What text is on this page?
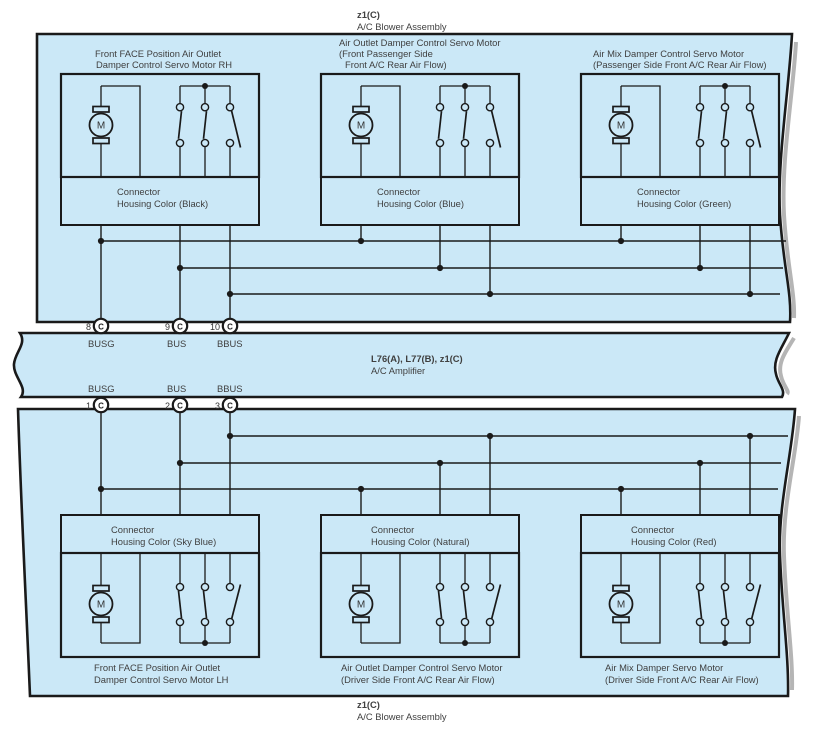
M	M	M
M	M	M
z1(C)
A/C Blower Assembly
L76(A), L77(B), z1(C)
A/C Amplifier
z1(C)
A/C Blower Assembly
Front FACE Position Air Outlet
Damper Control Servo Motor RH
Air Outlet Damper Control Servo Motor
(Front Passenger Side
Front A/C Rear Air Flow)
Air Mix Damper Control Servo Motor
(Passenger Side Front A/C Rear Air Flow)
Connector
Housing Color (Black)
Connector
Housing Color (Blue)
Connector
Housing Color (Green)
Connector
Housing Color (Sky Blue)
Connector
Housing Color (Natural)
Connector
Housing Color (Red)
Front FACE Position Air Outlet
Damper Control Servo Motor LH
Air Outlet Damper Control Servo Motor
(Driver Side Front A/C Rear Air Flow)
Air Mix Damper Servo Motor
(Driver Side Front A/C Rear Air Flow)
BUSG	BUS	BBUS
BUSG	BUS	BBUS
8 C	9 C	10 C
1 C	2 C	3 C
